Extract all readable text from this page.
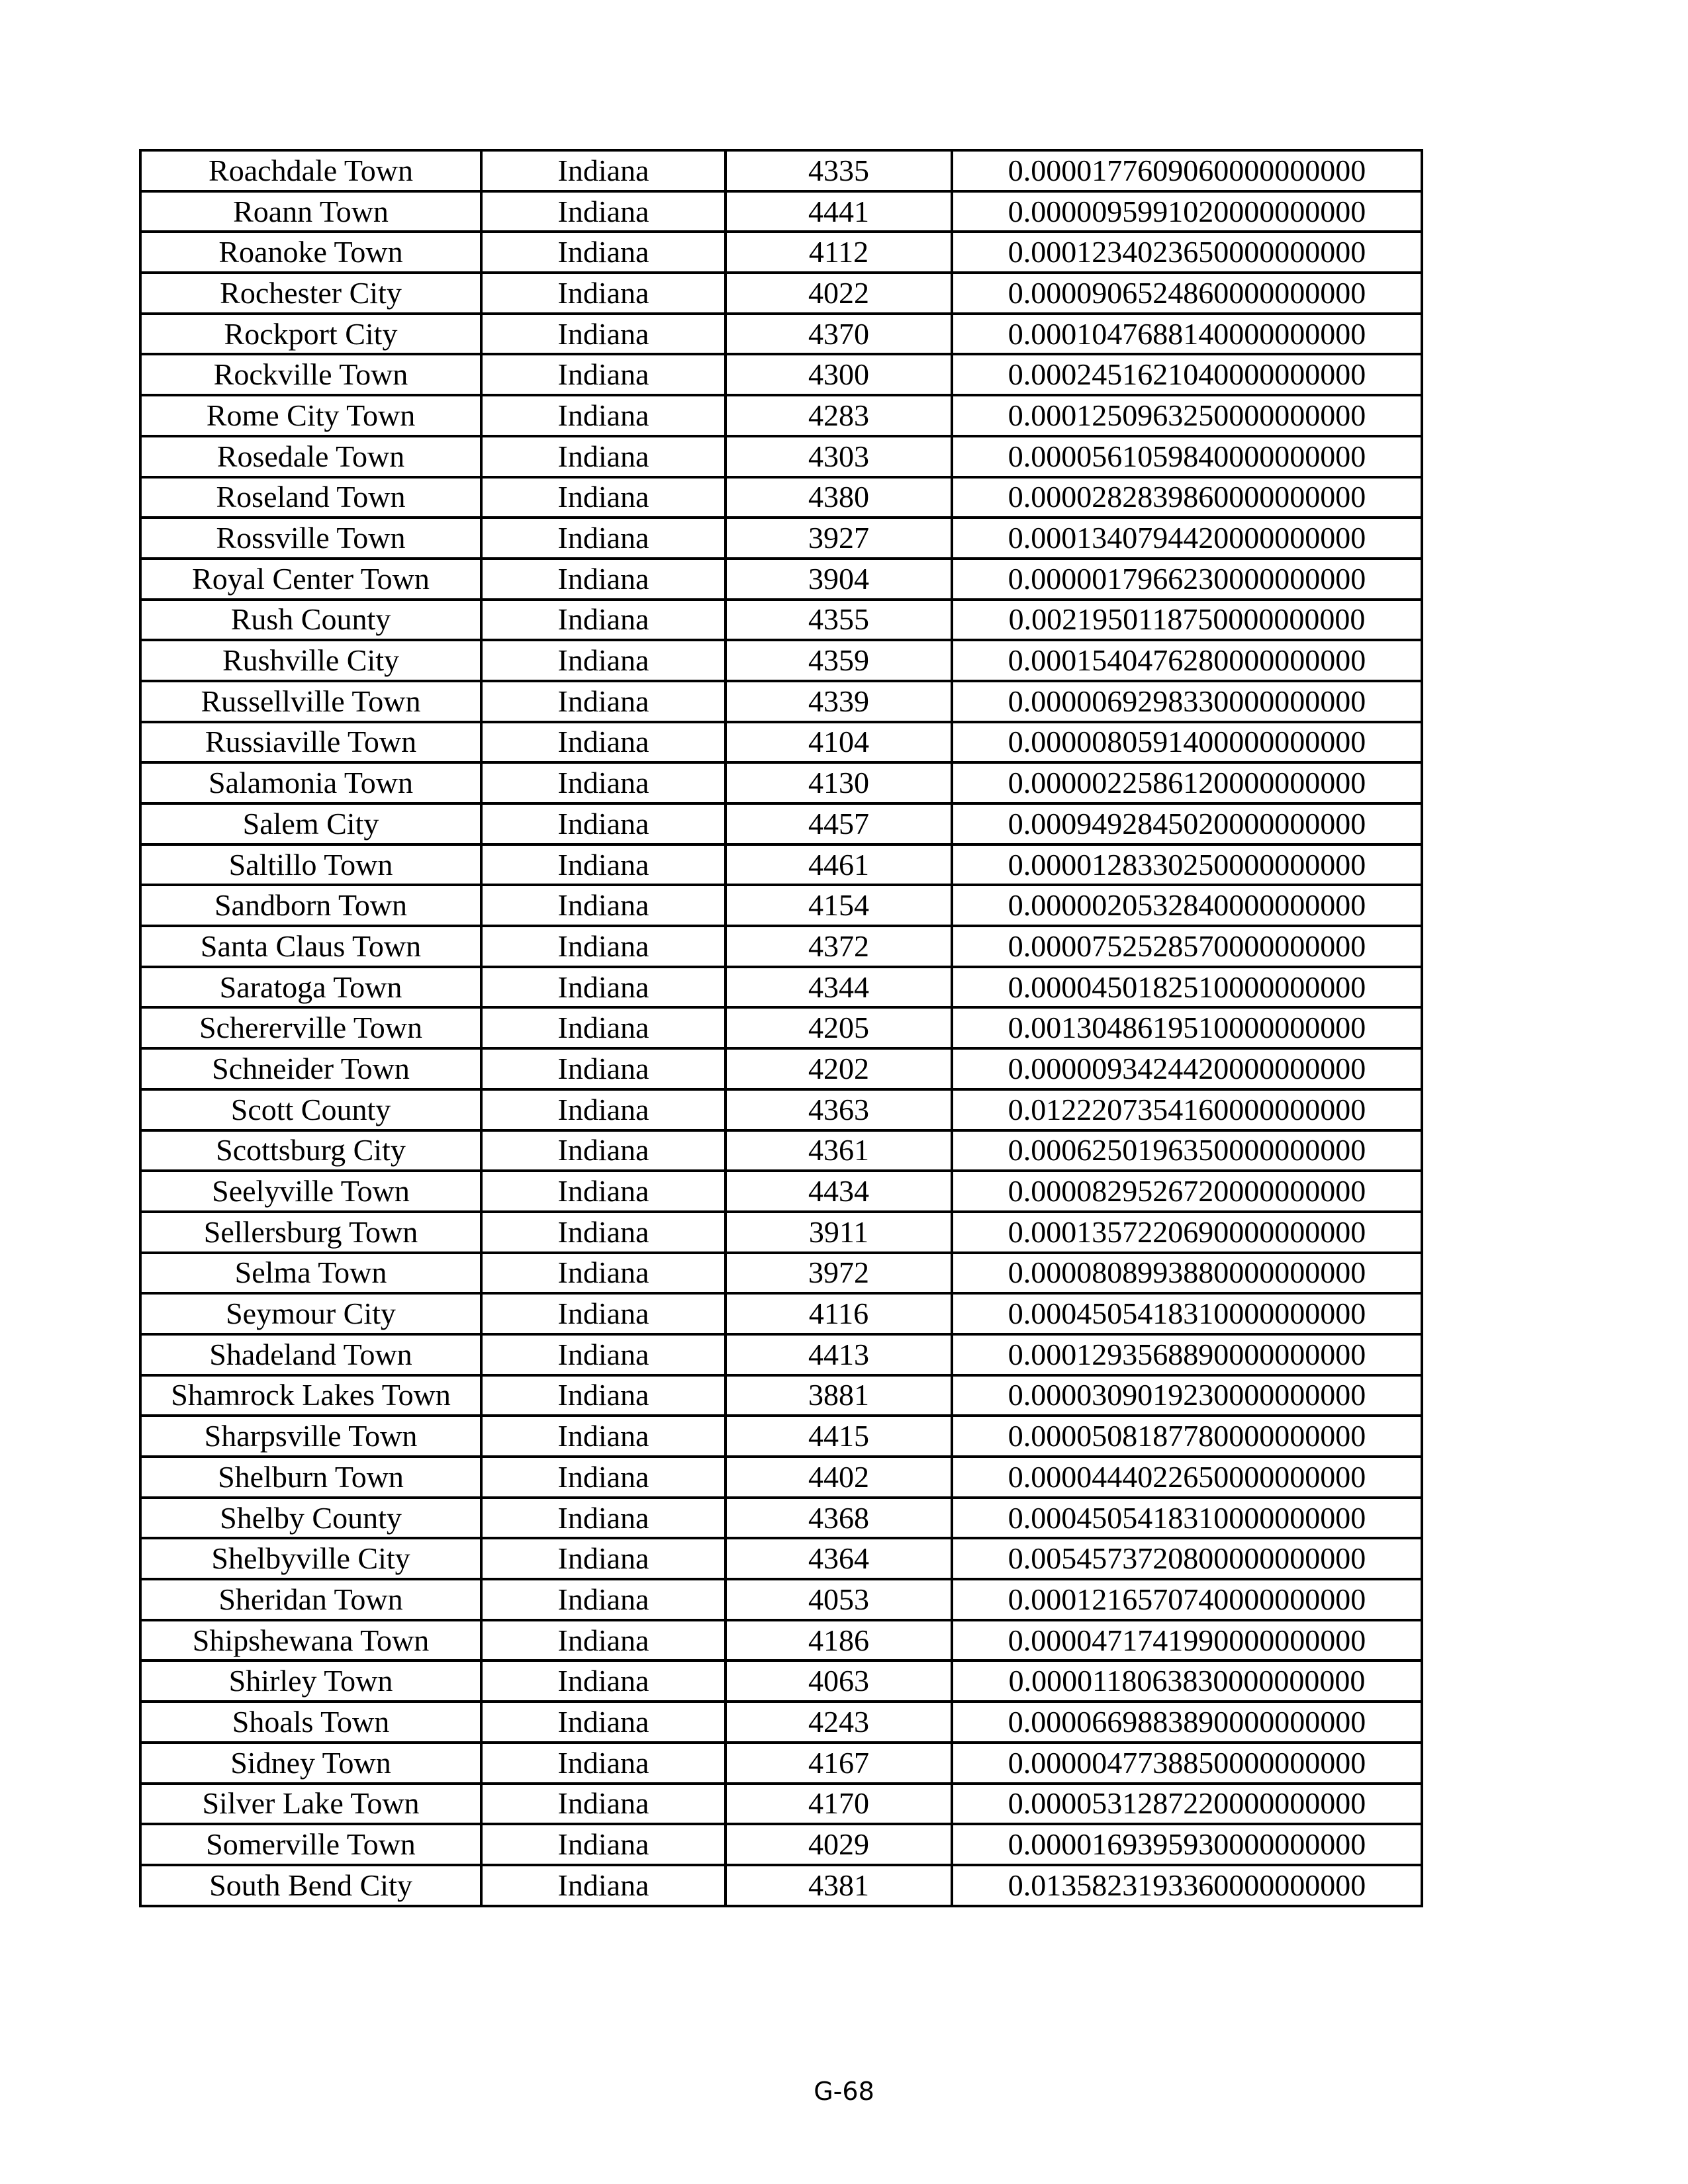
Roachdale Town	Indiana	4335	0.0000177609060000000000
Roann Town	Indiana	4441	0.0000095991020000000000
Roanoke Town	Indiana	4112	0.0001234023650000000000
Rochester City	Indiana	4022	0.0000906524860000000000
Rockport City	Indiana	4370	0.0001047688140000000000
Rockville Town	Indiana	4300	0.0002451621040000000000
Rome City Town	Indiana	4283	0.0001250963250000000000
Rosedale Town	Indiana	4303	0.0000561059840000000000
Roseland Town	Indiana	4380	0.0000282839860000000000
Rossville Town	Indiana	3927	0.0001340794420000000000
Royal Center Town	Indiana	3904	0.0000017966230000000000
Rush County	Indiana	4355	0.0021950118750000000000
Rushville City	Indiana	4359	0.0001540476280000000000
Russellville Town	Indiana	4339	0.0000069298330000000000
Russiaville Town	Indiana	4104	0.0000080591400000000000
Salamonia Town	Indiana	4130	0.0000022586120000000000
Salem City	Indiana	4457	0.0009492845020000000000
Saltillo Town	Indiana	4461	0.0000128330250000000000
Sandborn Town	Indiana	4154	0.0000020532840000000000
Santa Claus Town	Indiana	4372	0.0000752528570000000000
Saratoga Town	Indiana	4344	0.0000450182510000000000
Schererville Town	Indiana	4205	0.0013048619510000000000
Schneider Town	Indiana	4202	0.0000093424420000000000
Scott County	Indiana	4363	0.0122207354160000000000
Scottsburg City	Indiana	4361	0.0006250196350000000000
Seelyville Town	Indiana	4434	0.0000829526720000000000
Sellersburg Town	Indiana	3911	0.0001357220690000000000
Selma Town	Indiana	3972	0.0000808993880000000000
Seymour City	Indiana	4116	0.0004505418310000000000
Shadeland Town	Indiana	4413	0.0001293568890000000000
Shamrock Lakes Town	Indiana	3881	0.0000309019230000000000
Sharpsville Town	Indiana	4415	0.0000508187780000000000
Shelburn Town	Indiana	4402	0.0000444022650000000000
Shelby County	Indiana	4368	0.0004505418310000000000
Shelbyville City	Indiana	4364	0.0054573720800000000000
Sheridan Town	Indiana	4053	0.0001216570740000000000
Shipshewana Town	Indiana	4186	0.0000471741990000000000
Shirley Town	Indiana	4063	0.0000118063830000000000
Shoals Town	Indiana	4243	0.0000669883890000000000
Sidney Town	Indiana	4167	0.0000047738850000000000
Silver Lake Town	Indiana	4170	0.0000531287220000000000
Somerville Town	Indiana	4029	0.0000169395930000000000
South Bend City	Indiana	4381	0.0135823193360000000000
G-68
